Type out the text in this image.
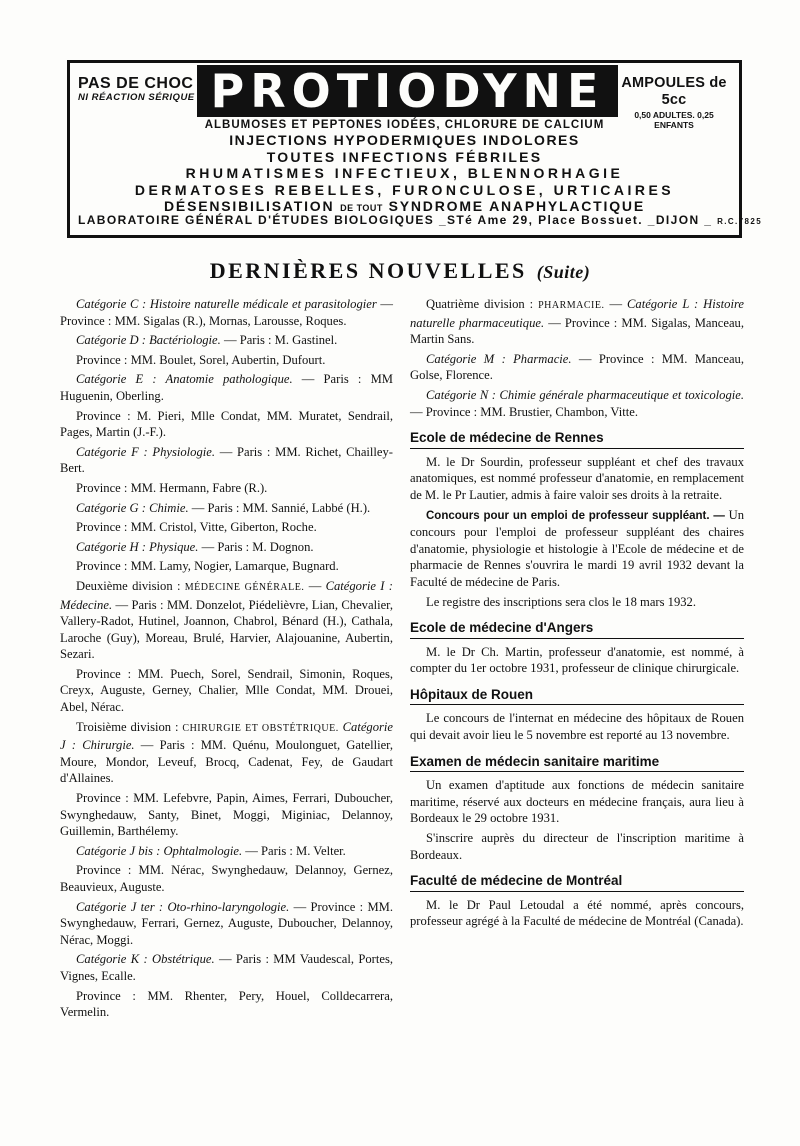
PAS DE CHOC
NI RÉACTION SÉRIQUE PROTIODYNE	AMPOULES de 5cc
0,50 ADULTES. 0,25 ENFANTS
ALBUMOSES ET PEPTONES IODÉES, CHLORURE DE CALCIUM
INJECTIONS HYPODERMIQUES INDOLORES
TOUTES INFECTIONS FÉBRILES
RHUMATISMES INFECTIEUX, BLENNORHAGIE
DERMATOSES REBELLES, FURONCULOSE, URTICAIRES
DÉSENSIBILISATION DE TOUT SYNDROME ANAPHYLACTIQUE
LABORATOIRE GÉNÉRAL D'ÉTUDES BIOLOGIQUES _STé Ame 29, Place Bossuet. _DIJON _ R.C.7825
DERNIÈRES NOUVELLES (Suite)

Catégorie C : Histoire naturelle médicale et parasitologier — Province : MM. Sigalas (R.), Mornas, Larousse, Roques.

Catégorie D : Bactériologie. — Paris : M. Gastinel.

Province : MM. Boulet, Sorel, Aubertin, Dufourt.

Catégorie E : Anatomie pathologique. — Paris : MM Huguenin, Oberling.

Province : M. Pieri, Mlle Condat, MM. Muratet, Sendrail, Pages, Martin (J.-F.).

Catégorie F : Physiologie. — Paris : MM. Richet, Chailley-Bert.

Province : MM. Hermann, Fabre (R.).

Catégorie G : Chimie. — Paris : MM. Sannié, Labbé (H.).

Province : MM. Cristol, Vitte, Giberton, Roche.

Catégorie H : Physique. — Paris : M. Dognon.

Province : MM. Lamy, Nogier, Lamarque, Bugnard.

Deuxième division : MÉDECINE GÉNÉRALE. — Catégorie I : Médecine. — Paris : MM. Donzelot, Piédelièvre, Lian, Chevalier, Vallery-Radot, Hutinel, Joannon, Chabrol, Bénard (H.), Cathala, Laroche (Guy), Moreau, Brulé, Harvier, Alajouanine, Aubertin, Sezari.

Province : MM. Puech, Sorel, Sendrail, Simonin, Roques, Creyx, Auguste, Gerney, Chalier, Mlle Condat, MM. Drouei, Abel, Nérac.

Troisième division : CHIRURGIE ET OBSTÉTRIQUE. Catégorie J : Chirurgie. — Paris : MM. Quénu, Moulonguet, Gatellier, Moure, Mondor, Leveuf, Brocq, Cadenat, Fey, de Gaudart d'Allaines.

Province : MM. Lefebvre, Papin, Aimes, Ferrari, Duboucher, Swynghedauw, Santy, Binet, Moggi, Miginiac, Delannoy, Guillemin, Barthélemy.

Catégorie J bis : Ophtalmologie. — Paris : M. Velter.

Province : MM. Nérac, Swynghedauw, Delannoy, Gernez, Beauvieux, Auguste.

Catégorie J ter : Oto-rhino-laryngologie. — Province : MM. Swynghedauw, Ferrari, Gernez, Auguste, Duboucher, Delannoy, Nérac, Moggi.

Catégorie K : Obstétrique. — Paris : MM Vaudescal, Portes, Vignes, Ecalle.

Province : MM. Rhenter, Pery, Houel, Colldecarrera, Vermelin.

Quatrième division : PHARMACIE. — Catégorie L : Histoire naturelle pharmaceutique. — Province : MM. Sigalas, Manceau, Martin Sans.

Catégorie M : Pharmacie. — Province : MM. Manceau, Golse, Florence.

Catégorie N : Chimie générale pharmaceutique et toxicologie. — Province : MM. Brustier, Chambon, Vitte.

Ecole de médecine de Rennes

M. le Dr Sourdin, professeur suppléant et chef des travaux anatomiques, est nommé professeur d'anatomie, en remplacement de M. le Pr Lautier, admis à faire valoir ses droits à la retraite.

Concours pour un emploi de professeur suppléant. — Un concours pour l'emploi de professeur suppléant des chaires d'anatomie, physiologie et histologie à l'Ecole de médecine et de pharmacie de Rennes s'ouvrira le mardi 19 avril 1932 devant la Faculté de médecine de Paris.

Le registre des inscriptions sera clos le 18 mars 1932.

Ecole de médecine d'Angers

M. le Dr Ch. Martin, professeur d'anatomie, est nommé, à compter du 1er octobre 1931, professeur de clinique chirurgicale.

Hôpitaux de Rouen

Le concours de l'internat en médecine des hôpitaux de Rouen qui devait avoir lieu le 5 novembre est reporté au 13 novembre.

Examen de médecin sanitaire maritime

Un examen d'aptitude aux fonctions de médecin sanitaire maritime, réservé aux docteurs en médecine français, aura lieu à Bordeaux le 29 octobre 1931.

S'inscrire auprès du directeur de l'inscription maritime à Bordeaux.

Faculté de médecine de Montréal

M. le Dr Paul Letoudal a été nommé, après concours, professeur agrégé à la Faculté de médecine de Montréal (Canada).
